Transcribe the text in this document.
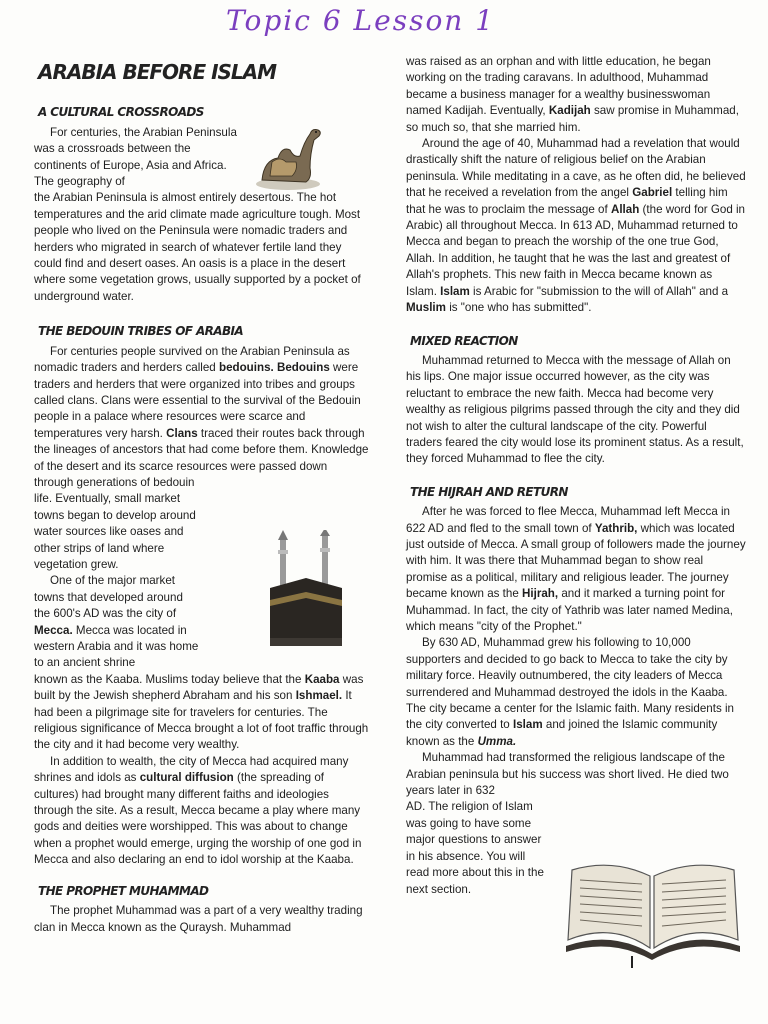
Topic 6 Lesson 1
ARABIA BEFORE ISLAM
A CULTURAL CROSSROADS

For centuries, the Arabian Peninsula was a crossroads between the continents of Europe, Asia and Africa. The geography of

the Arabian Peninsula is almost entirely desertous. The hot temperatures and the arid climate made agriculture tough. Most people who lived on the Peninsula were nomadic traders and herders who migrated in search of whatever fertile land they could find and desert oases. An oasis is a place in the desert where some vegetation grows, usually supported by a pocket of underground water.

THE BEDOUIN TRIBES OF ARABIA

For centuries people survived on the Arabian Peninsula as nomadic traders and herders called bedouins. Bedouins were traders and herders that were organized into tribes and groups called clans. Clans were essential to the survival of the Bedouin people in a palace where resources were scarce and temperatures very harsh. Clans traced their routes back through the lineages of ancestors that had come before them. Knowledge of the desert and its scarce resources were passed down

through generations of bedouin life. Eventually, small market towns began to develop around water sources like oases and other strips of land where vegetation grew.

One of the major market towns that developed around the 600's AD was the city of Mecca. Mecca was located in western Arabia and it was home to an ancient shrine

known as the Kaaba. Muslims today believe that the Kaaba was built by the Jewish shepherd Abraham and his son Ishmael. It had been a pilgrimage site for travelers for centuries. The religious significance of Mecca brought a lot of foot traffic through the city and it had become very wealthy.

In addition to wealth, the city of Mecca had acquired many shrines and idols as cultural diffusion (the spreading of cultures) had brought many different faiths and ideologies through the site. As a result, Mecca became a play where many gods and deities were worshipped. This was about to change when a prophet would emerge, urging the worship of one god in Mecca and also declaring an end to idol worship at the Kaaba.

THE PROPHET MUHAMMAD

The prophet Muhammad was a part of a very wealthy trading clan in Mecca known as the Quraysh. Muhammad

was raised as an orphan and with little education, he began working on the trading caravans. In adulthood, Muhammad became a business manager for a wealthy businesswoman named Kadijah. Eventually, Kadijah saw promise in Muhammad, so much so, that she married him.

Around the age of 40, Muhammad had a revelation that would drastically shift the nature of religious belief on the Arabian peninsula. While meditating in a cave, as he often did, he believed that he received a revelation from the angel Gabriel telling him that he was to proclaim the message of Allah (the word for God in Arabic) all throughout Mecca. In 613 AD, Muhammad returned to Mecca and began to preach the worship of the one true God, Allah. In addition, he taught that he was the last and greatest of Allah's prophets. This new faith in Mecca became known as Islam. Islam is Arabic for "submission to the will of Allah" and a Muslim is "one who has submitted".

MIXED REACTION

Muhammad returned to Mecca with the message of Allah on his lips. One major issue occurred however, as the city was reluctant to embrace the new faith. Mecca had become very wealthy as religious pilgrims passed through the city and they did not wish to alter the cultural landscape of the city. Powerful traders feared the city would lose its prominent status. As a result, they forced Muhammad to flee the city.

THE HIJRAH AND RETURN

After he was forced to flee Mecca, Muhammad left Mecca in 622 AD and fled to the small town of Yathrib, which was located just outside of Mecca. A small group of followers made the journey with him. It was there that Muhammad began to show real promise as a political, military and religious leader. The journey became known as the Hijrah, and it marked a turning point for Muhammad. In fact, the city of Yathrib was later named Medina, which means "city of the Prophet."

By 630 AD, Muhammad grew his following to 10,000 supporters and decided to go back to Mecca to take the city by military force. Heavily outnumbered, the city leaders of Mecca surrendered and Muhammad destroyed the idols in the Kaaba. The city became a center for the Islamic faith. Many residents in the city converted to Islam and joined the Islamic community known as the Umma.

Muhammad had transformed the religious landscape of the Arabian peninsula but his success was short lived. He died two years later in 632

AD. The religion of Islam was going to have some major questions to answer in his absence. You will read more about this in the next section.
